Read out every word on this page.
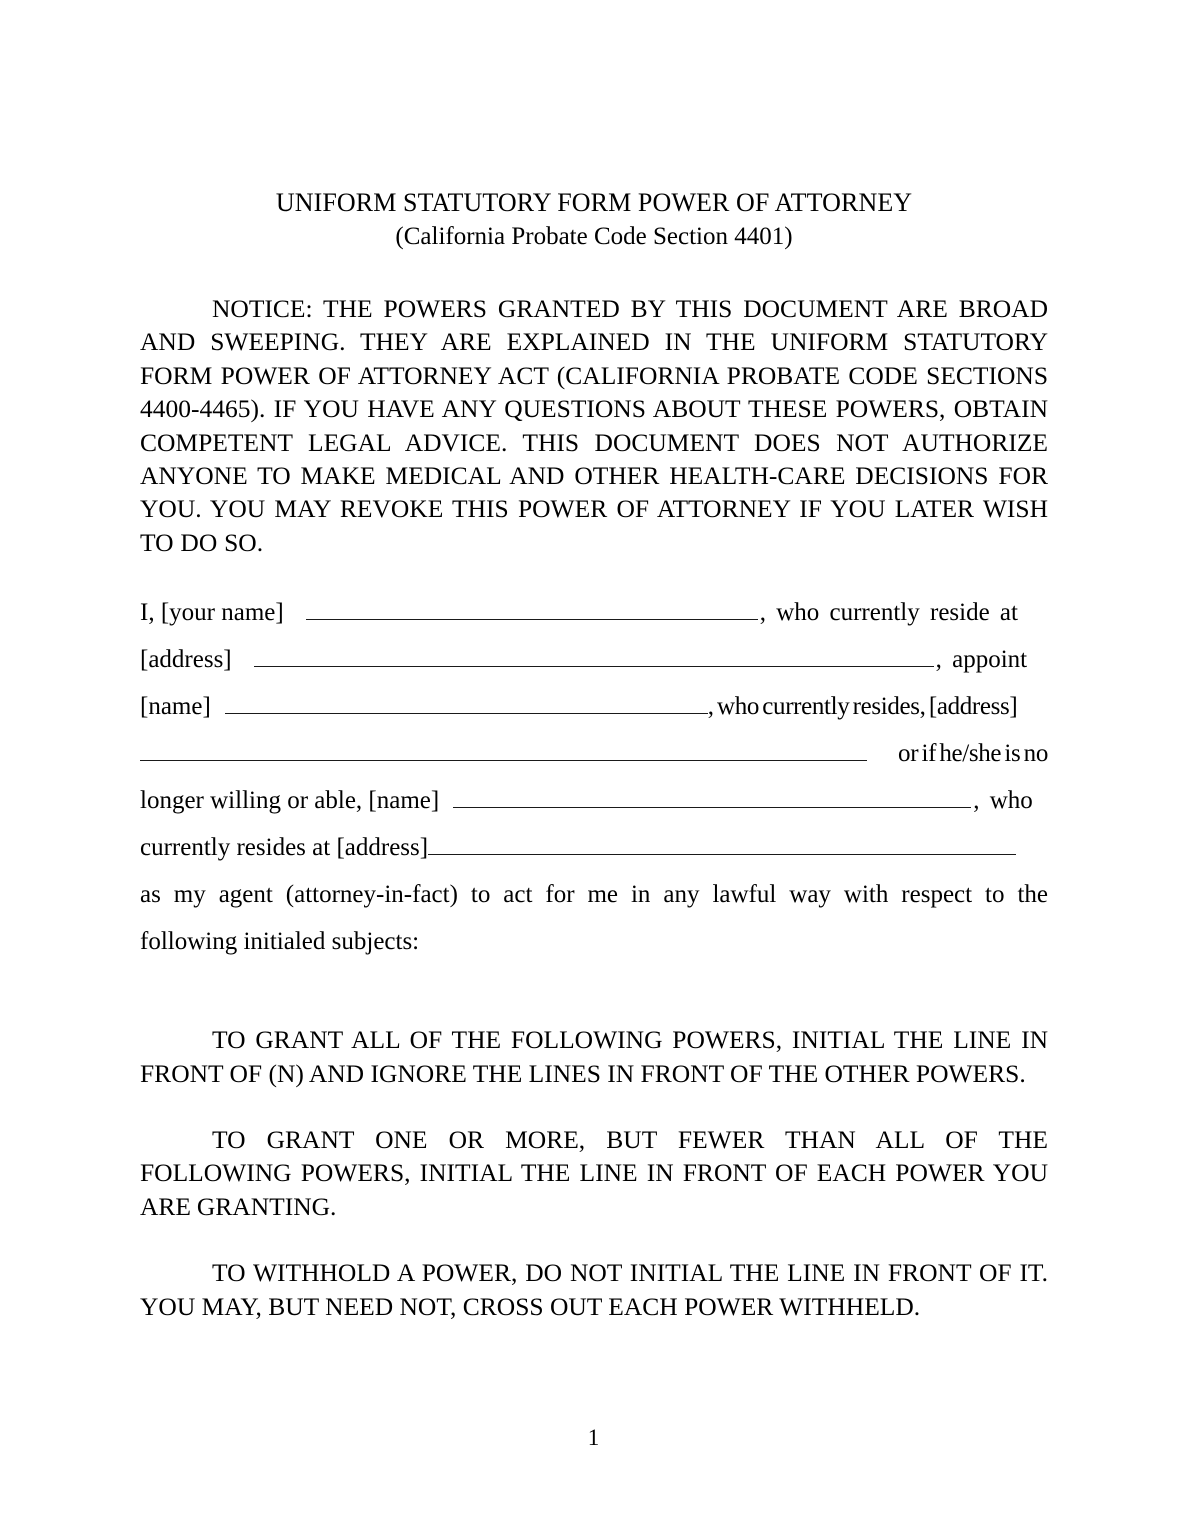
UNIFORM STATUTORY FORM POWER OF ATTORNEY
(California Probate Code Section 4401)
NOTICE: THE POWERS GRANTED BY THIS DOCUMENT ARE BROAD AND SWEEPING. THEY ARE EXPLAINED IN THE UNIFORM STATUTORY FORM POWER OF ATTORNEY ACT (CALIFORNIA PROBATE CODE SECTIONS 4400-4465). IF YOU HAVE ANY QUESTIONS ABOUT THESE POWERS, OBTAIN COMPETENT LEGAL ADVICE. THIS DOCUMENT DOES NOT AUTHORIZE ANYONE TO MAKE MEDICAL AND OTHER HEALTH-CARE DECISIONS FOR YOU. YOU MAY REVOKE THIS POWER OF ATTORNEY IF YOU LATER WISH TO DO SO.
I, [your name]	, who currently reside at
[address]	, appoint
[name]	, who currently resides, [address]
or if he/she is no
longer willing or able, [name]	, who
currently resides at [address]
as my agent (attorney-in-fact) to act for me in any lawful way with respect to the following initialed subjects:
TO GRANT ALL OF THE FOLLOWING POWERS, INITIAL THE LINE IN FRONT OF (N) AND IGNORE THE LINES IN FRONT OF THE OTHER POWERS.
TO GRANT ONE OR MORE, BUT FEWER THAN ALL OF THE FOLLOWING POWERS, INITIAL THE LINE IN FRONT OF EACH POWER YOU ARE GRANTING.
TO WITHHOLD A POWER, DO NOT INITIAL THE LINE IN FRONT OF IT. YOU MAY, BUT NEED NOT, CROSS OUT EACH POWER WITHHELD.
1
